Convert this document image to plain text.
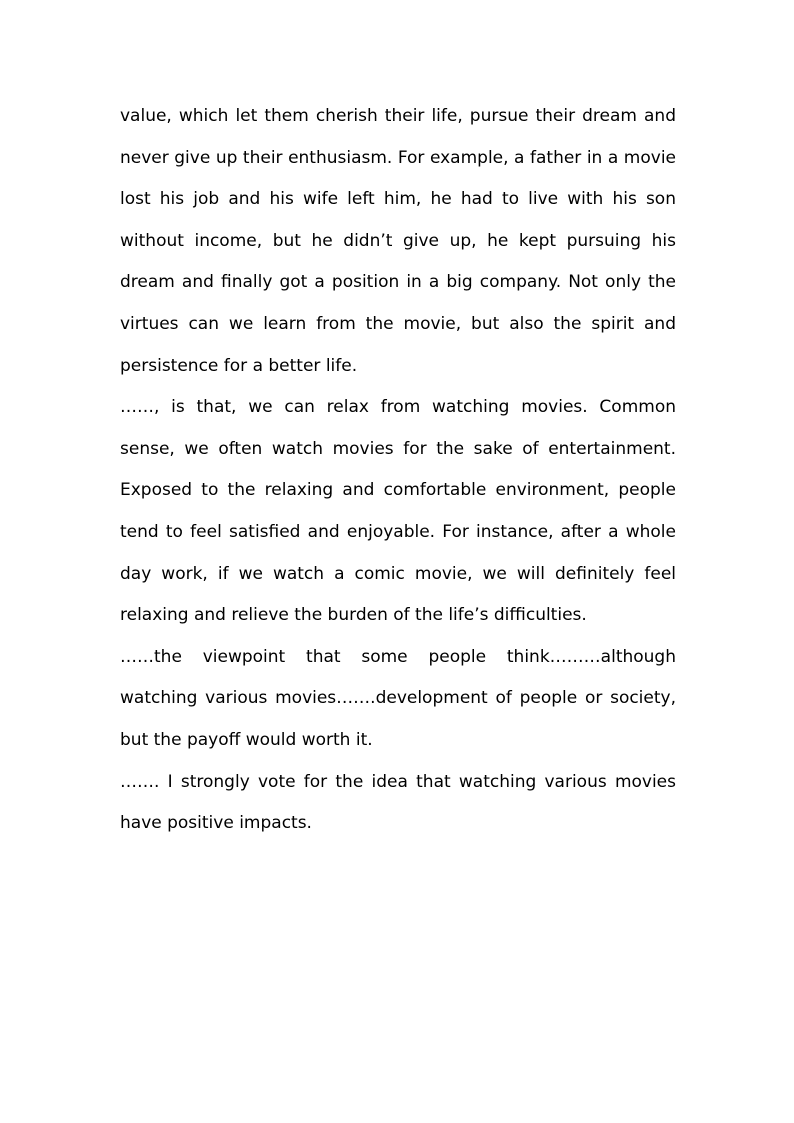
value, which let them cherish their life, pursue their dream and never give up their enthusiasm. For example, a father in a movie lost his job and his wife left him, he had to live with his son without income, but he didn’t give up, he kept pursuing his dream and finally got a position in a big company. Not only the virtues can we learn from the movie, but also the spirit and persistence for a better life.

……, is that, we can relax from watching movies. Common sense, we often watch movies for the sake of entertainment. Exposed to the relaxing and comfortable environment, people tend to feel satisfied and enjoyable. For instance, after a whole day work, if we watch a comic movie, we will definitely feel relaxing and relieve the burden of the life’s difficulties.

……the viewpoint that some people think………although watching various movies…….development of people or society, but the payoff would worth it.

……. I strongly vote for the idea that watching various movies have positive impacts.
